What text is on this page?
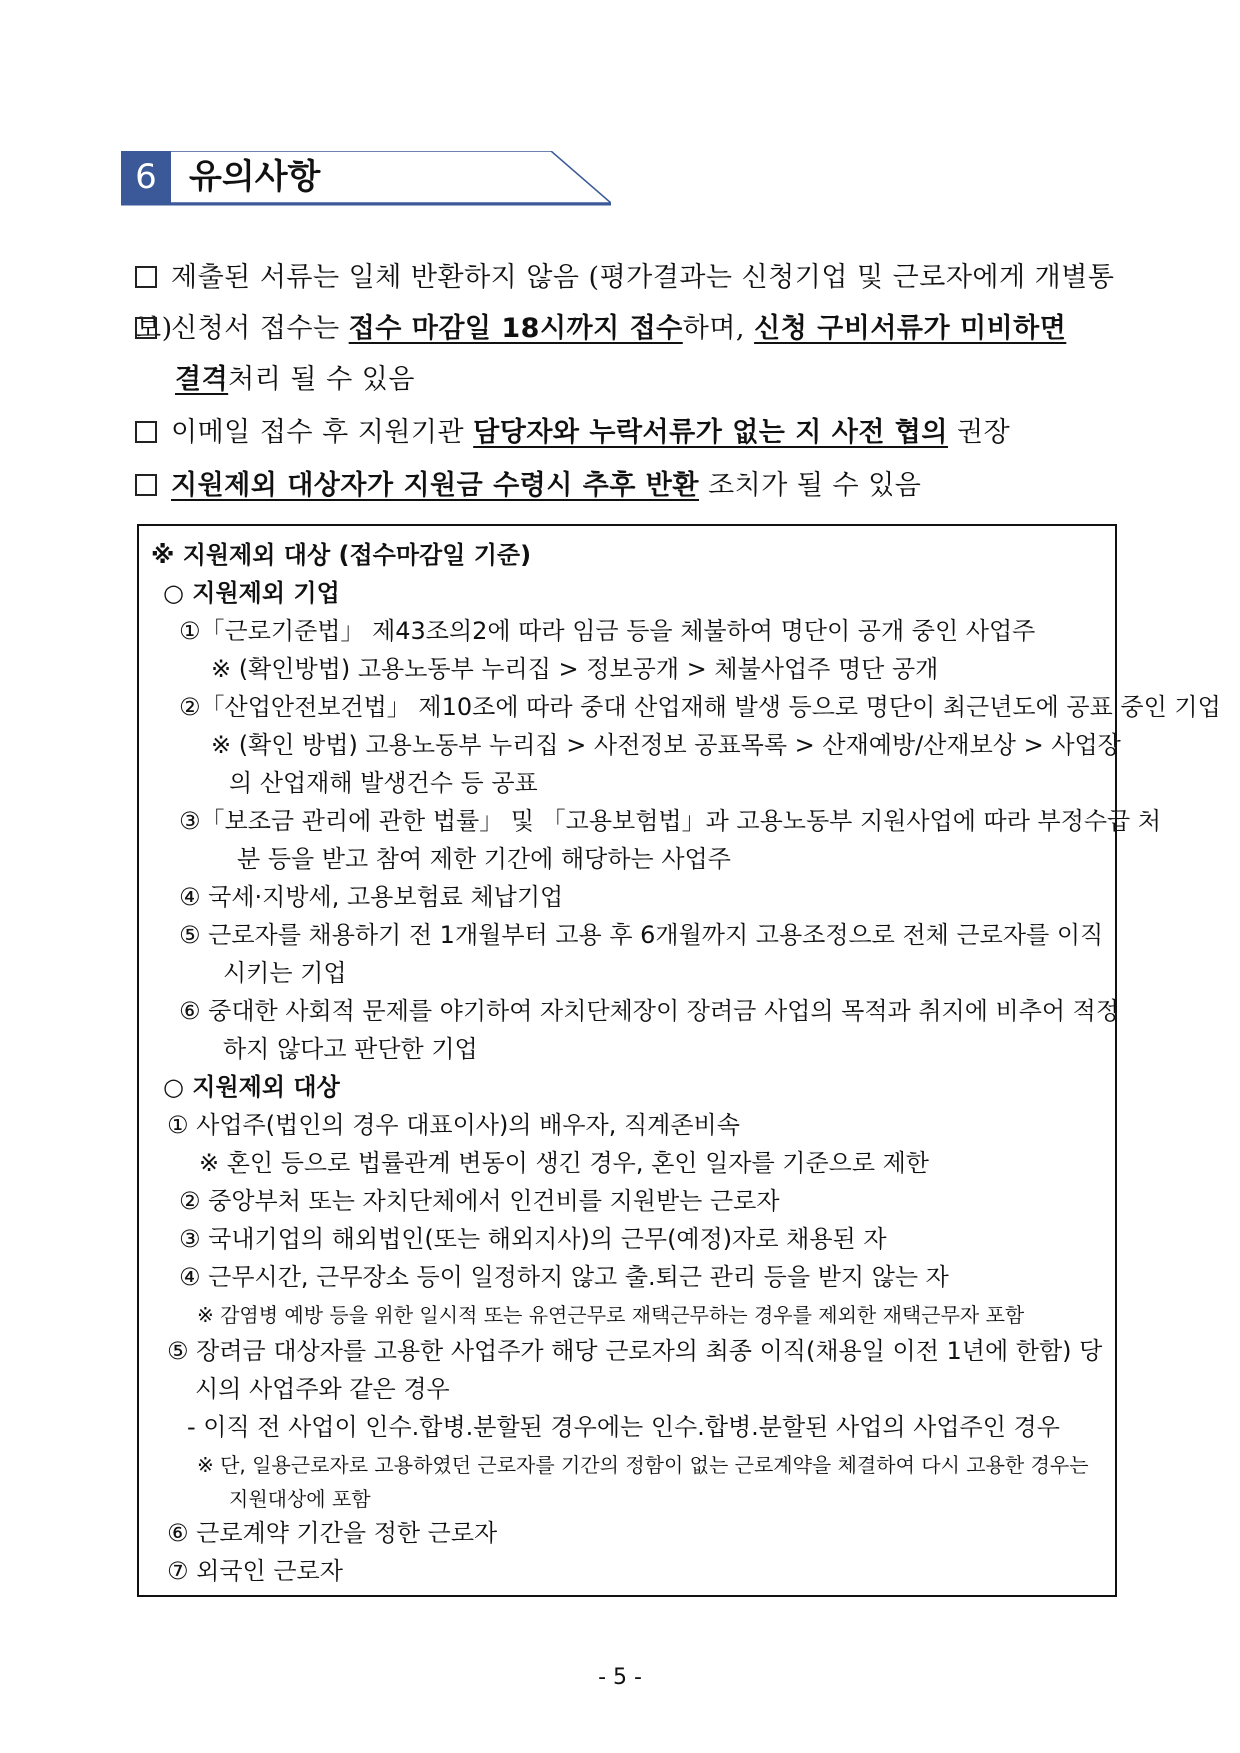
6 유의사항
제출된 서류는 일체 반환하지 않음 (평가결과는 신청기업 및 근로자에게 개별통보)
신청서 접수는 접수 마감일 18시까지 접수하며, 신청 구비서류가 미비하면
결격처리 될 수 있음
이메일 접수 후 지원기관 담당자와 누락서류가 없는 지 사전 협의 권장
지원제외 대상자가 지원금 수령시 추후 반환 조치가 될 수 있음
※ 지원제외 대상 (접수마감일 기준)
○ 지원제외 기업
①「근로기준법」 제43조의2에 따라 임금 등을 체불하여 명단이 공개 중인 사업주
※ (확인방법) 고용노동부 누리집 > 정보공개 > 체불사업주 명단 공개
②「산업안전보건법」 제10조에 따라 중대 산업재해 발생 등으로 명단이 최근년도에 공표 중인 기업
※ (확인 방법) 고용노동부 누리집 > 사전정보 공표목록 > 산재예방/산재보상 > 사업장
의 산업재해 발생건수 등 공표
③「보조금 관리에 관한 법률」 및 「고용보험법」과 고용노동부 지원사업에 따라 부정수급 처
분 등을 받고 참여 제한 기간에 해당하는 사업주
④ 국세·지방세, 고용보험료 체납기업
⑤ 근로자를 채용하기 전 1개월부터 고용 후 6개월까지 고용조정으로 전체 근로자를 이직
시키는 기업
⑥ 중대한 사회적 문제를 야기하여 자치단체장이 장려금 사업의 목적과 취지에 비추어 적정
하지 않다고 판단한 기업
○ 지원제외 대상
① 사업주(법인의 경우 대표이사)의 배우자, 직계존비속
※ 혼인 등으로 법률관계 변동이 생긴 경우, 혼인 일자를 기준으로 제한
② 중앙부처 또는 자치단체에서 인건비를 지원받는 근로자
③ 국내기업의 해외법인(또는 해외지사)의 근무(예정)자로 채용된 자
④ 근무시간, 근무장소 등이 일정하지 않고 출.퇴근 관리 등을 받지 않는 자
※ 감염병 예방 등을 위한 일시적 또는 유연근무로 재택근무하는 경우를 제외한 재택근무자 포함
⑤ 장려금 대상자를 고용한 사업주가 해당 근로자의 최종 이직(채용일 이전 1년에 한함) 당
시의 사업주와 같은 경우
- 이직 전 사업이 인수.합병.분할된 경우에는 인수.합병.분할된 사업의 사업주인 경우
※ 단, 일용근로자로 고용하였던 근로자를 기간의 정함이 없는 근로계약을 체결하여 다시 고용한 경우는
지원대상에 포함
⑥ 근로계약 기간을 정한 근로자
⑦ 외국인 근로자
- 5 -
